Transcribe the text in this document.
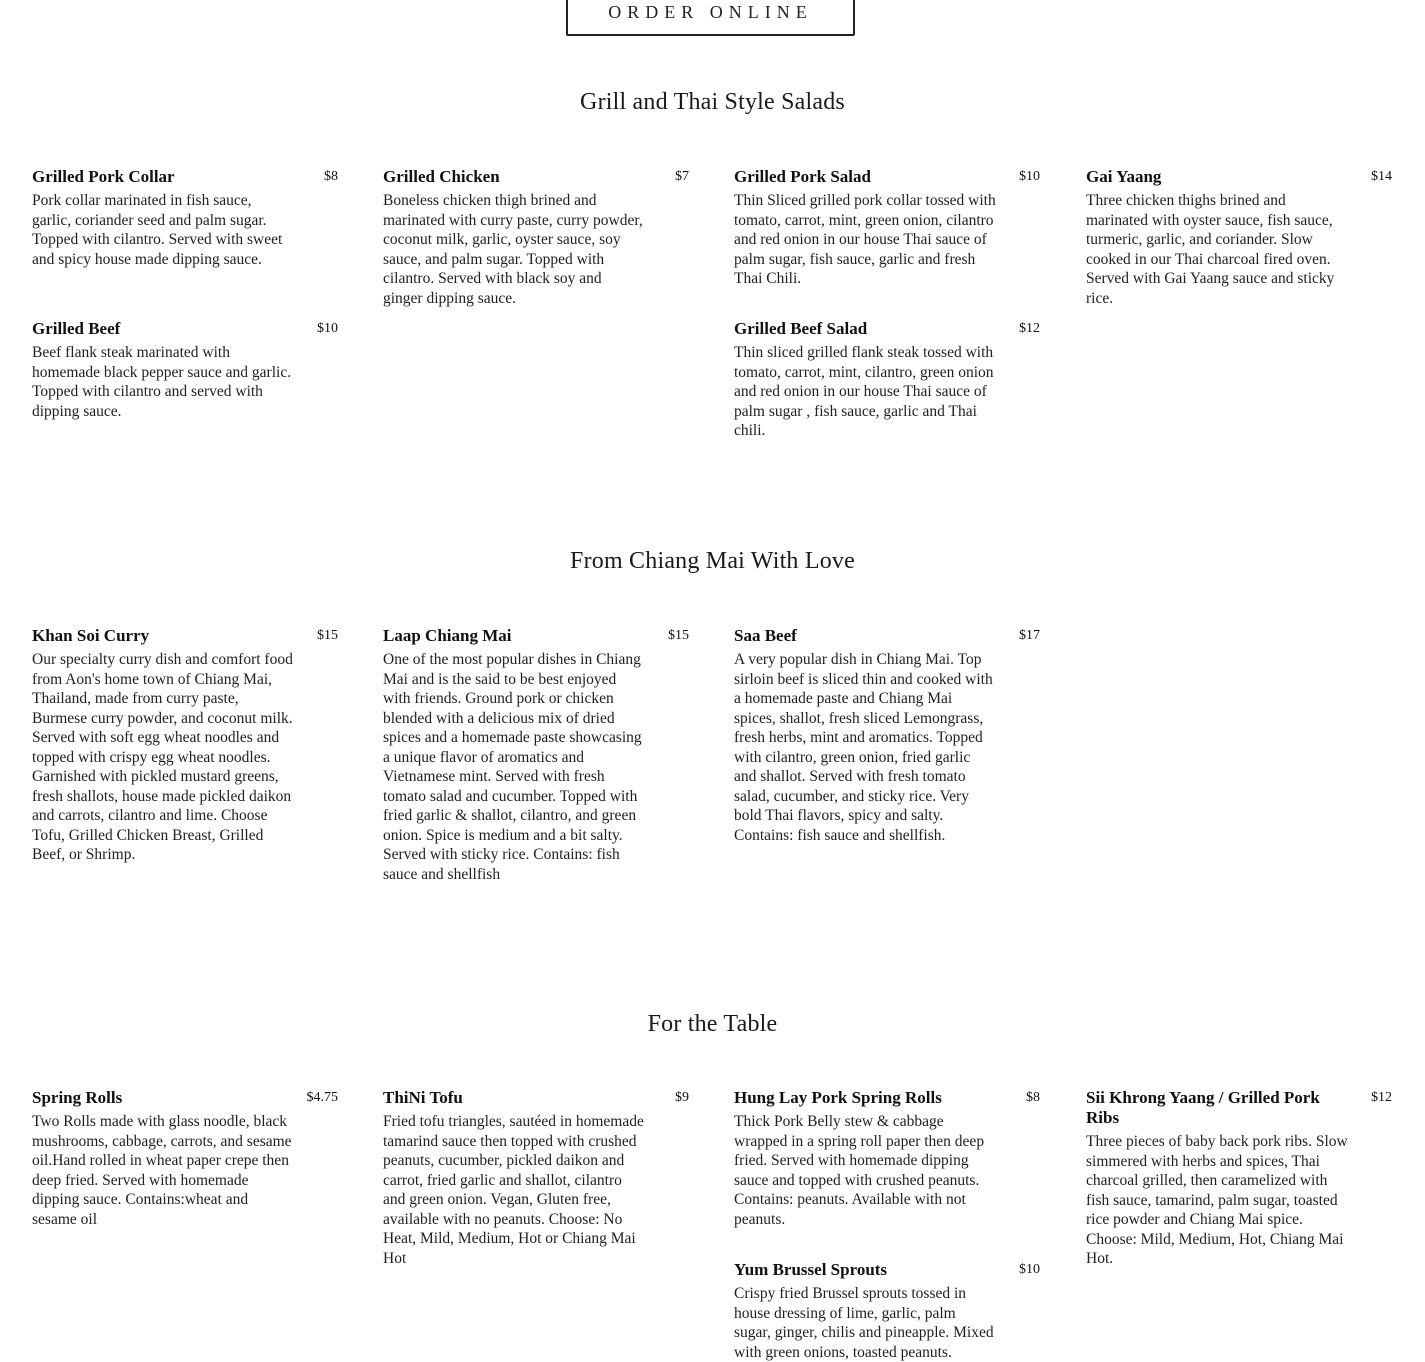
ORDER ONLINE
Grill and Thai Style Salads
Grilled Pork Collar	$8
Pork collar marinated in fish sauce, garlic, coriander seed and palm sugar. Topped with cilantro. Served with sweet and spicy house made dipping sauce.
Grilled Chicken	$7
Boneless chicken thigh brined and marinated with curry paste, curry powder, coconut milk, garlic, oyster sauce, soy sauce, and palm sugar. Topped with cilantro. Served with black soy and ginger dipping sauce.
Grilled Pork Salad	$10
Thin Sliced grilled pork collar tossed with tomato, carrot, mint, green onion, cilantro and red onion in our house Thai sauce of palm sugar, fish sauce, garlic and fresh Thai Chili.
Gai Yaang	$14
Three chicken thighs brined and marinated with oyster sauce, fish sauce, turmeric, garlic, and coriander. Slow cooked in our Thai charcoal fired oven. Served with Gai Yaang sauce and sticky rice.
Grilled Beef	$10
Beef flank steak marinated with homemade black pepper sauce and garlic. Topped with cilantro and served with dipping sauce.
Grilled Beef Salad	$12
Thin sliced grilled flank steak tossed with tomato, carrot, mint, cilantro, green onion and red onion in our house Thai sauce of palm sugar , fish sauce, garlic and Thai chili.
From Chiang Mai With Love
Khan Soi Curry	$15
Our specialty curry dish and comfort food from Aon's home town of Chiang Mai, Thailand, made from curry paste, Burmese curry powder, and coconut milk. Served with soft egg wheat noodles and topped with crispy egg wheat noodles. Garnished with pickled mustard greens, fresh shallots, house made pickled daikon and carrots, cilantro and lime. Choose Tofu, Grilled Chicken Breast, Grilled Beef, or Shrimp.
Laap Chiang Mai	$15
One of the most popular dishes in Chiang Mai and is the said to be best enjoyed with friends. Ground pork or chicken blended with a delicious mix of dried spices and a homemade paste showcasing a unique flavor of aromatics and Vietnamese mint. Served with fresh tomato salad and cucumber. Topped with fried garlic & shallot, cilantro, and green onion. Spice is medium and a bit salty. Served with sticky rice. Contains: fish sauce and shellfish
Saa Beef	$17
A very popular dish in Chiang Mai. Top sirloin beef is sliced thin and cooked with a homemade paste and Chiang Mai spices, shallot, fresh sliced Lemongrass, fresh herbs, mint and aromatics. Topped with cilantro, green onion, fried garlic and shallot. Served with fresh tomato salad, cucumber, and sticky rice. Very bold Thai flavors, spicy and salty. Contains: fish sauce and shellfish.
For the Table
Spring Rolls	$4.75
Two Rolls made with glass noodle, black mushrooms, cabbage, carrots, and sesame oil.Hand rolled in wheat paper crepe then deep fried. Served with homemade dipping sauce. Contains:wheat and sesame oil
ThiNi Tofu	$9
Fried tofu triangles, sautéed in homemade tamarind sauce then topped with crushed peanuts, cucumber, pickled daikon and carrot, fried garlic and shallot, cilantro and green onion. Vegan, Gluten free, available with no peanuts. Choose: No Heat, Mild, Medium, Hot or Chiang Mai Hot
Hung Lay Pork Spring Rolls	$8
Thick Pork Belly stew & cabbage wrapped in a spring roll paper then deep fried. Served with homemade dipping sauce and topped with crushed peanuts. Contains: peanuts. Available with not peanuts.
Sii Khrong Yaang / Grilled Pork Ribs
$12
Three pieces of baby back pork ribs. Slow simmered with herbs and spices, Thai charcoal grilled, then caramelized with fish sauce, tamarind, palm sugar, toasted rice powder and Chiang Mai spice. Choose: Mild, Medium, Hot, Chiang Mai Hot.
Yum Brussel Sprouts	$10
Crispy fried Brussel sprouts tossed in house dressing of lime, garlic, palm sugar, ginger, chilis and pineapple. Mixed with green onions, toasted peanuts.
